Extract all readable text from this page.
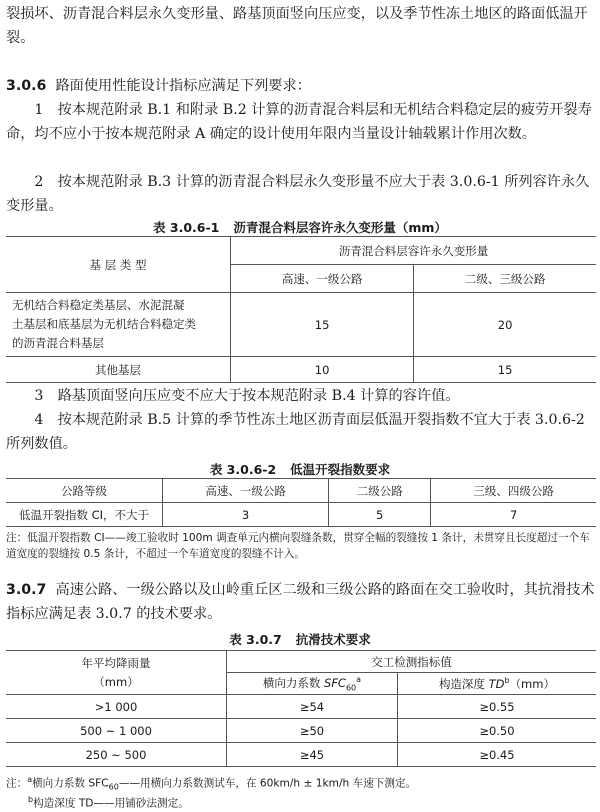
裂损坏、沥青混合料层永久变形量、路基顶面竖向压应变，以及季节性冻土地区的路面低温开裂。

3.0.6 路面使用性能设计指标应满足下列要求：

1　按本规范附录 B.1 和附录 B.2 计算的沥青混合料层和无机结合料稳定层的疲劳开裂寿命，均不应小于按本规范附录 A 确定的设计使用年限内当量设计轴载累计作用次数。

2　按本规范附录 B.3 计算的沥青混合料层永久变形量不应大于表 3.0.6-1 所列容许永久变形量。

表 3.0.6-1 沥青混合料层容许永久变形量（mm）
基 层 类 型	沥青混合料层容许永久变形量	
	高速、一级公路	二级、三级公路
无机结合料稳定类基层、水泥混凝
土基层和底基层为无机结合料稳定类
的沥青混合料基层	15	20
其他基层	10	15

3　路基顶面竖向压应变不应大于按本规范附录 B.4 计算的容许值。

4　按本规范附录 B.5 计算的季节性冻土地区沥青面层低温开裂指数不宜大于表 3.0.6-2 所列数值。

表 3.0.6-2 低温开裂指数要求
公路等级	高速、一级公路	二级公路	三级、四级公路
低温开裂指数 CI，不大于	3	5	7

注：低温开裂指数 CI——竣工验收时 100m 调查单元内横向裂缝条数，贯穿全幅的裂缝按 1 条计，未贯穿且长度超过一个车道宽度的裂缝按 0.5 条计，不超过一个车道宽度的裂缝不计入。

3.0.7 高速公路、一级公路以及山岭重丘区二级和三级公路的路面在交工验收时，其抗滑技术指标应满足表 3.0.7 的技术要求。

表 3.0.7 抗滑技术要求
年平均降雨量
（mm）	交工检测指标值	
	横向力系数 $SFC_{60}^a$	构造深度 $TD^b(mm)$
>1 000	≥54	≥0.55
500 ~ 1 000	≥50	≥0.50
250 ~ 500	≥45	≥0.45

注：$^a$横向力系数 $SFC_{60}——$用横向力系数测试车，在 60km/h ± 1km/h 车速下测定。

$^b$构造深度 TD——用铺砂法测定。
